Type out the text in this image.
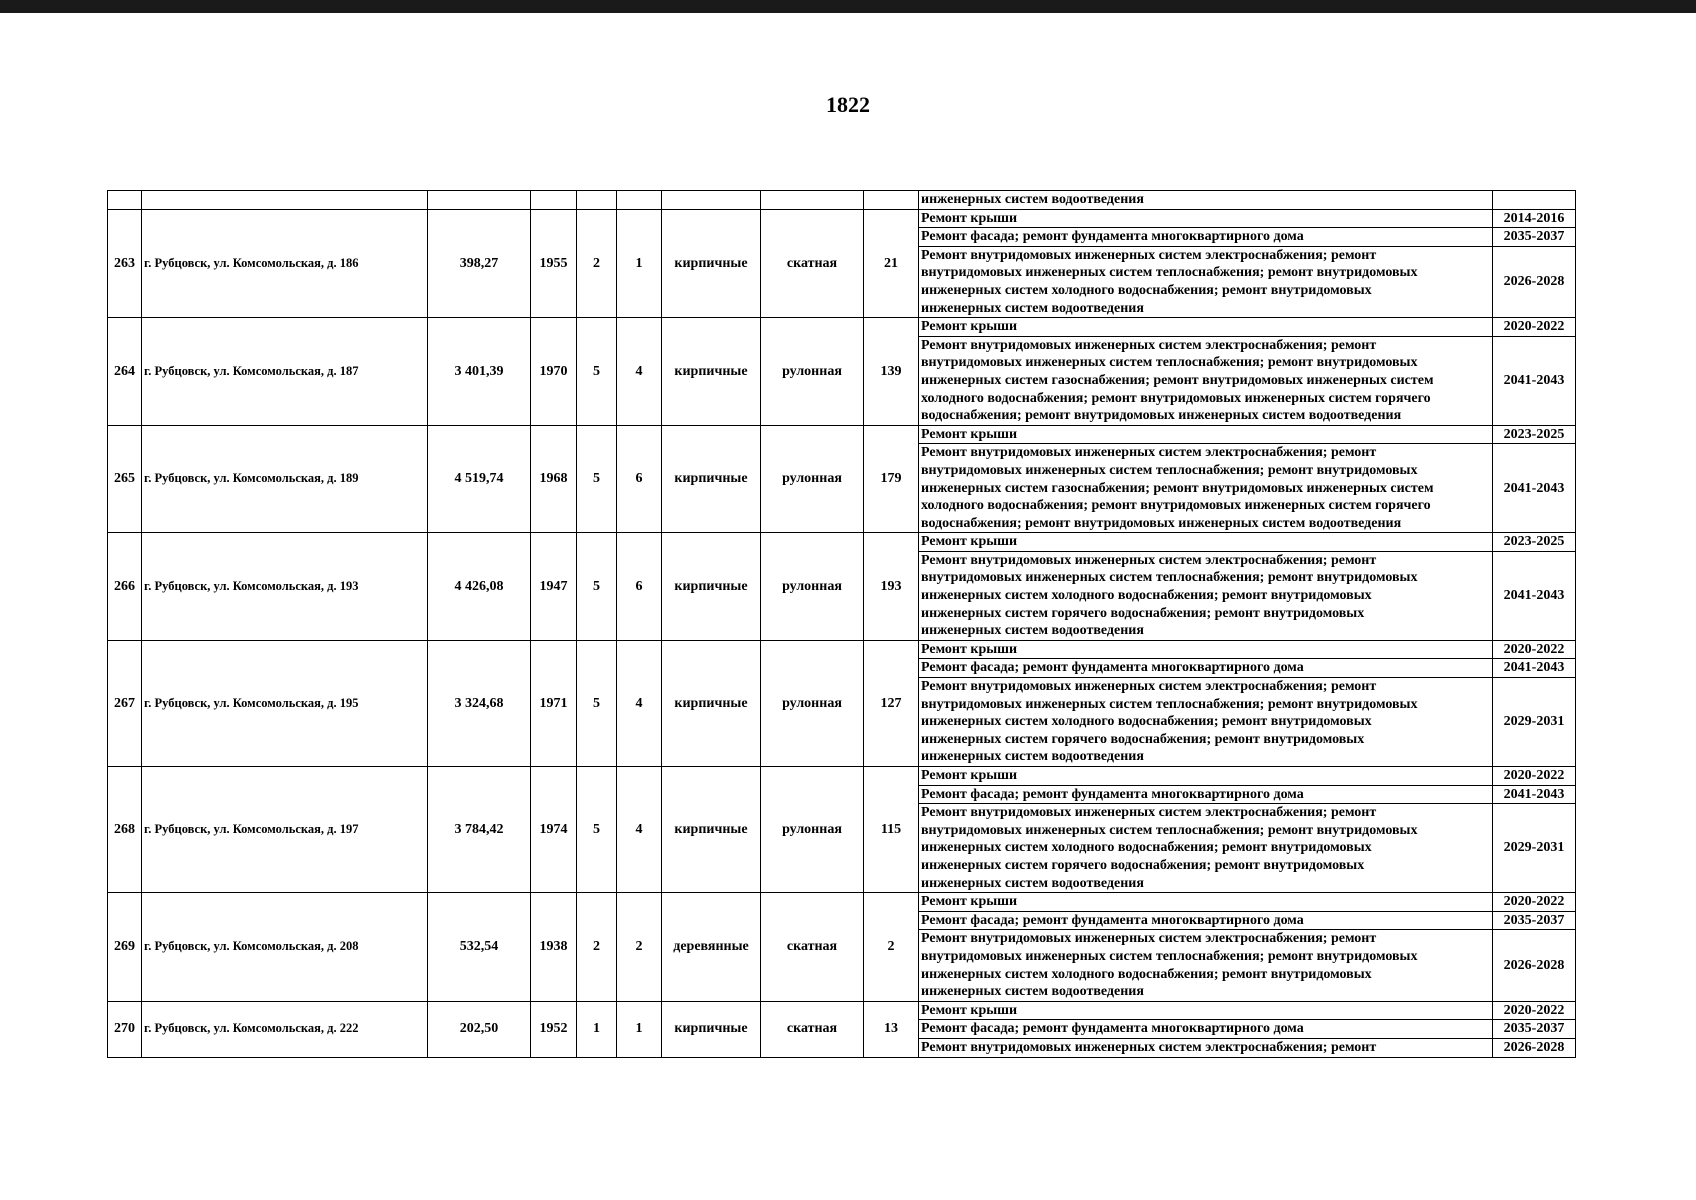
1822
									инженерных систем водоотведения	
263	г. Рубцовск, ул. Комсомольская, д. 186	398,27	1955	2	1	кирпичные	скатная	21	Ремонт крыши	2014-2016

									Ремонт фасада; ремонт фундамента многоквартирного дома	2035-2037

									Ремонт внутридомовых инженерных систем электроснабжения; ремонт
внутридомовых инженерных систем теплоснабжения; ремонт внутридомовых
инженерных систем холодного водоснабжения; ремонт внутридомовых
инженерных систем водоотведения	2026-2028
264	г. Рубцовск, ул. Комсомольская, д. 187	3 401,39	1970	5	4	кирпичные	рулонная	139	Ремонт крыши	2020-2022

									Ремонт внутридомовых инженерных систем электроснабжения; ремонт
внутридомовых инженерных систем теплоснабжения; ремонт внутридомовых
инженерных систем газоснабжения; ремонт внутридомовых инженерных систем
холодного водоснабжения; ремонт внутридомовых инженерных систем горячего
водоснабжения; ремонт внутридомовых инженерных систем водоотведения	2041-2043
265	г. Рубцовск, ул. Комсомольская, д. 189	4 519,74	1968	5	6	кирпичные	рулонная	179	Ремонт крыши	2023-2025

									Ремонт внутридомовых инженерных систем электроснабжения; ремонт
внутридомовых инженерных систем теплоснабжения; ремонт внутридомовых
инженерных систем газоснабжения; ремонт внутридомовых инженерных систем
холодного водоснабжения; ремонт внутридомовых инженерных систем горячего
водоснабжения; ремонт внутридомовых инженерных систем водоотведения	2041-2043
266	г. Рубцовск, ул. Комсомольская, д. 193	4 426,08	1947	5	6	кирпичные	рулонная	193	Ремонт крыши	2023-2025

									Ремонт внутридомовых инженерных систем электроснабжения; ремонт
внутридомовых инженерных систем теплоснабжения; ремонт внутридомовых
инженерных систем холодного водоснабжения; ремонт внутридомовых
инженерных систем горячего водоснабжения; ремонт внутридомовых
инженерных систем водоотведения	2041-2043
267	г. Рубцовск, ул. Комсомольская, д. 195	3 324,68	1971	5	4	кирпичные	рулонная	127	Ремонт крыши	2020-2022

									Ремонт фасада; ремонт фундамента многоквартирного дома	2041-2043

									Ремонт внутридомовых инженерных систем электроснабжения; ремонт
внутридомовых инженерных систем теплоснабжения; ремонт внутридомовых
инженерных систем холодного водоснабжения; ремонт внутридомовых
инженерных систем горячего водоснабжения; ремонт внутридомовых
инженерных систем водоотведения	2029-2031
268	г. Рубцовск, ул. Комсомольская, д. 197	3 784,42	1974	5	4	кирпичные	рулонная	115	Ремонт крыши	2020-2022

									Ремонт фасада; ремонт фундамента многоквартирного дома	2041-2043

									Ремонт внутридомовых инженерных систем электроснабжения; ремонт
внутридомовых инженерных систем теплоснабжения; ремонт внутридомовых
инженерных систем холодного водоснабжения; ремонт внутридомовых
инженерных систем горячего водоснабжения; ремонт внутридомовых
инженерных систем водоотведения	2029-2031
269	г. Рубцовск, ул. Комсомольская, д. 208	532,54	1938	2	2	деревянные	скатная	2	Ремонт крыши	2020-2022

									Ремонт фасада; ремонт фундамента многоквартирного дома	2035-2037

									Ремонт внутридомовых инженерных систем электроснабжения; ремонт
внутридомовых инженерных систем теплоснабжения; ремонт внутридомовых
инженерных систем холодного водоснабжения; ремонт внутридомовых
инженерных систем водоотведения	2026-2028
270	г. Рубцовск, ул. Комсомольская, д. 222	202,50	1952	1	1	кирпичные	скатная	13	Ремонт крыши	2020-2022

									Ремонт фасада; ремонт фундамента многоквартирного дома	2035-2037

									Ремонт внутридомовых инженерных систем электроснабжения; ремонт	2026-2028
